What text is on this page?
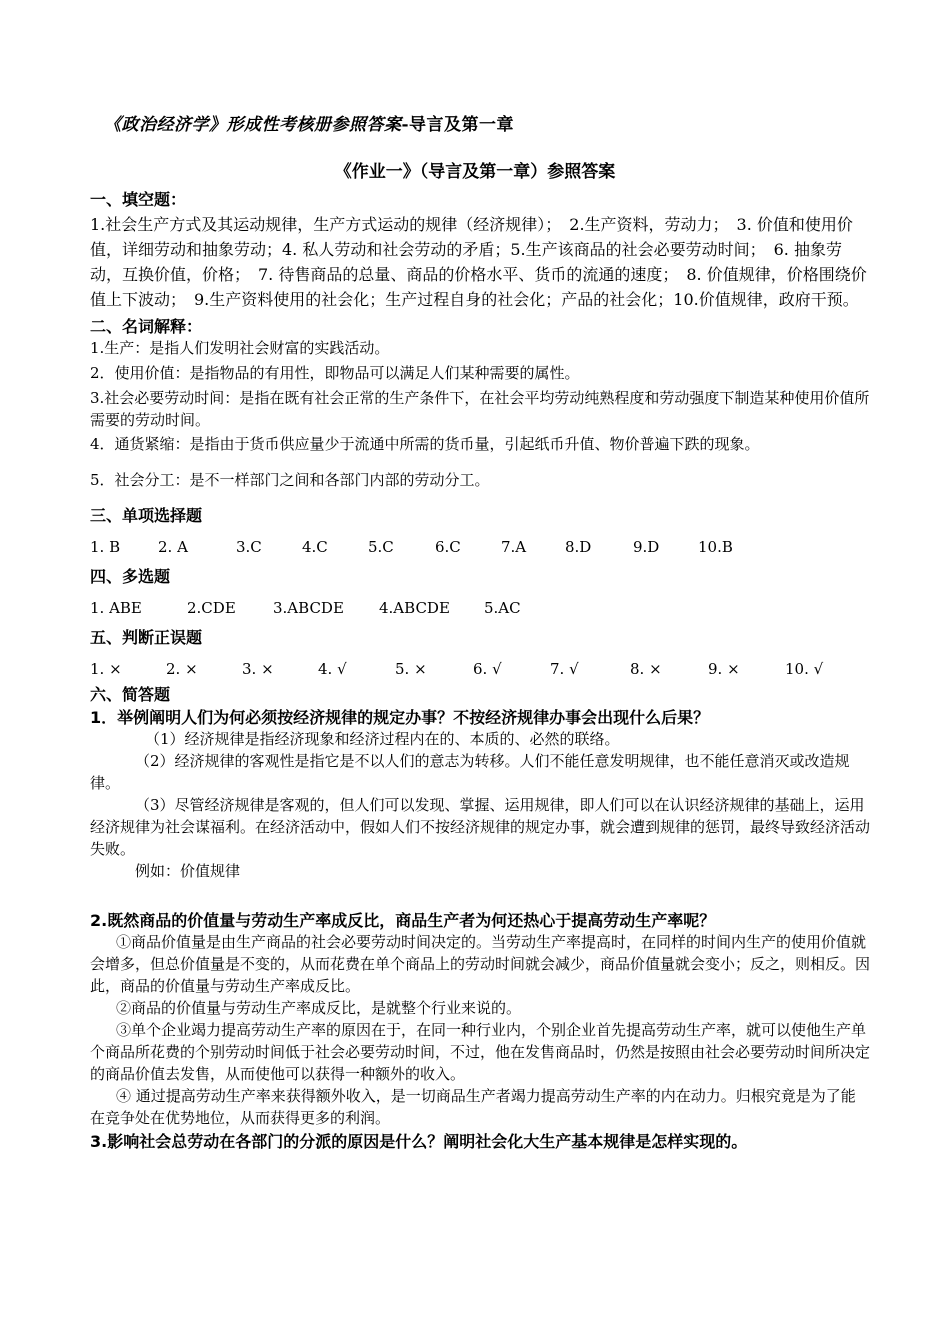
《政治经济学》形成性考核册参照答案-导言及第一章
《作业一》（导言及第一章）参照答案

一、填空题：

1.社会生产方式及其运动规律，生产方式运动的规律（经济规律）；　2.生产资料，劳动力；　3. 价值和使用价值，详细劳动和抽象劳动；4. 私人劳动和社会劳动的矛盾；5.生产该商品的社会必要劳动时间；　6. 抽象劳动，互换价值，价格；　7. 待售商品的总量、商品的价格水平、货币的流通的速度；　8. 价值规律，价格围绕价值上下波动；　9.生产资料使用的社会化；生产过程自身的社会化；产品的社会化；10.价值规律，政府干预。

二、名词解释：

1.生产：是指人们发明社会财富的实践活动。

2．使用价值：是指物品的有用性，即物品可以满足人们某种需要的属性。

3.社会必要劳动时间：是指在既有社会正常的生产条件下，在社会平均劳动纯熟程度和劳动强度下制造某种使用价值所需要的劳动时间。

4．通货紧缩：是指由于货币供应量少于流通中所需的货币量，引起纸币升值、物价普遍下跌的现象。

5．社会分工：是不一样部门之间和各部门内部的劳动分工。

三、单项选择题

1. B	2. A	3.C	4.C	5.C	6.C	7.A	8.D	9.D	10.B

四、多选题

1. ABE	2.CDE	3.ABCDE	4.ABCDE	5.AC

五、判断正误题

1. ×	2. ×	3. ×	4. √	5. ×	6. √	7. √	8. ×	9. ×	10. √

六、简答题

1．举例阐明人们为何必须按经济规律的规定办事？不按经济规律办事会出现什么后果？

（1）经济规律是指经济现象和经济过程内在的、本质的、必然的联络。

（2）经济规律的客观性是指它是不以人们的意志为转移。人们不能任意发明规律，也不能任意消灭或改造规律。

（3）尽管经济规律是客观的，但人们可以发现、掌握、运用规律，即人们可以在认识经济规律的基础上，运用经济规律为社会谋福利。在经济活动中，假如人们不按经济规律的规定办事，就会遭到规律的惩罚，最终导致经济活动失败。

例如：价值规律

2.既然商品的价值量与劳动生产率成反比，商品生产者为何还热心于提高劳动生产率呢？

①商品价值量是由生产商品的社会必要劳动时间决定的。当劳动生产率提高时，在同样的时间内生产的使用价值就会增多，但总价值量是不变的，从而花费在单个商品上的劳动时间就会减少，商品价值量就会变小；反之，则相反。因此，商品的价值量与劳动生产率成反比。

②商品的价值量与劳动生产率成反比，是就整个行业来说的。

③单个企业竭力提高劳动生产率的原因在于，在同一种行业内，个别企业首先提高劳动生产率，就可以使他生产单个商品所花费的个别劳动时间低于社会必要劳动时间，不过，他在发售商品时，仍然是按照由社会必要劳动时间所决定的商品价值去发售，从而使他可以获得一种额外的收入。

④ 通过提高劳动生产率来获得额外收入，是一切商品生产者竭力提高劳动生产率的内在动力。归根究竟是为了能在竞争处在优势地位，从而获得更多的利润。

3.影响社会总劳动在各部门的分派的原因是什么？阐明社会化大生产基本规律是怎样实现的。
